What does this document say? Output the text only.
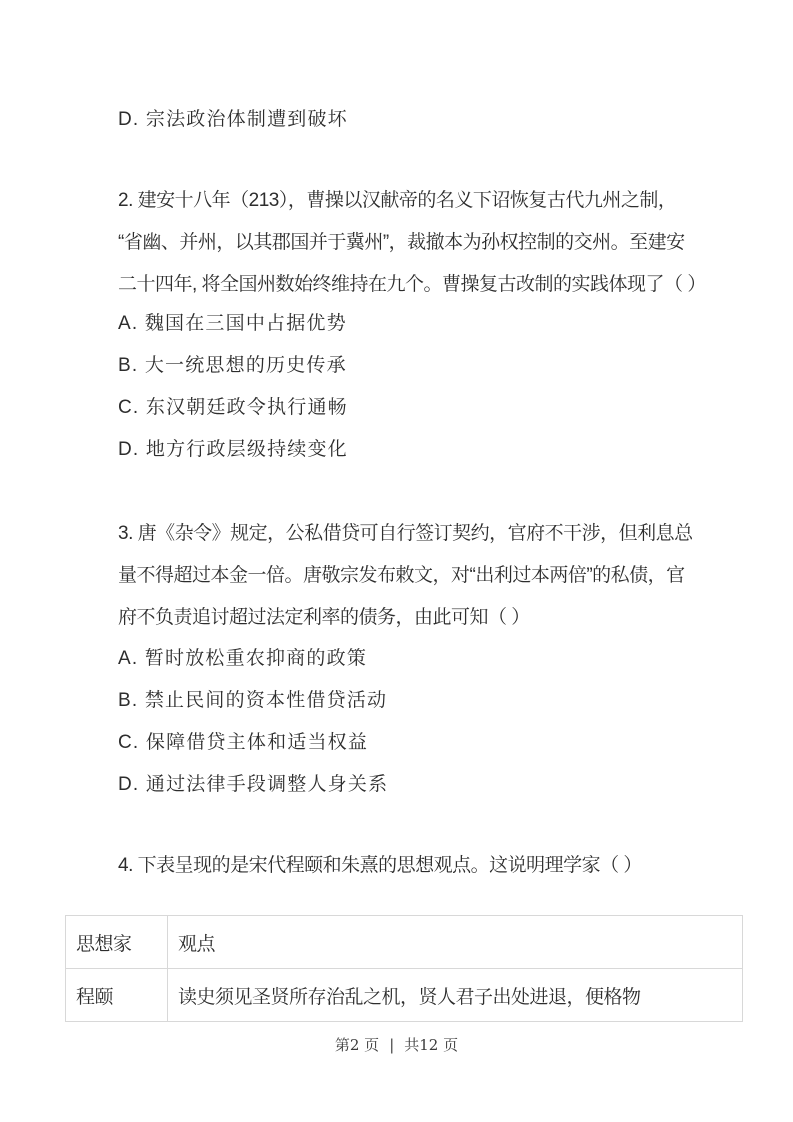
D. 宗法政治体制遭到破坏
2. 建安十八年（213），曹操以汉献帝的名义下诏恢复古代九州之制，
“省幽、并州，以其郡国并于冀州”，裁撤本为孙权控制的交州。至建安
二十四年, 将全国州数始终维持在九个。曹操复古改制的实践体现了（ ）
A. 魏国在三国中占据优势
B. 大一统思想的历史传承
C. 东汉朝廷政令执行通畅
D. 地方行政层级持续变化
3. 唐《杂令》规定，公私借贷可自行签订契约，官府不干涉，但利息总
量不得超过本金一倍。唐敬宗发布敕文，对“出利过本两倍”的私债，官
府不负责追讨超过法定利率的债务，由此可知（ ）
A. 暂时放松重农抑商的政策
B. 禁止民间的资本性借贷活动
C. 保障借贷主体和适当权益
D. 通过法律手段调整人身关系
4. 下表呈现的是宋代程颐和朱熹的思想观点。这说明理学家（ ）
思想家	观点
程颐	读史须见圣贤所存治乱之机，贤人君子出处进退，便格物
第2 页 | 共12 页
